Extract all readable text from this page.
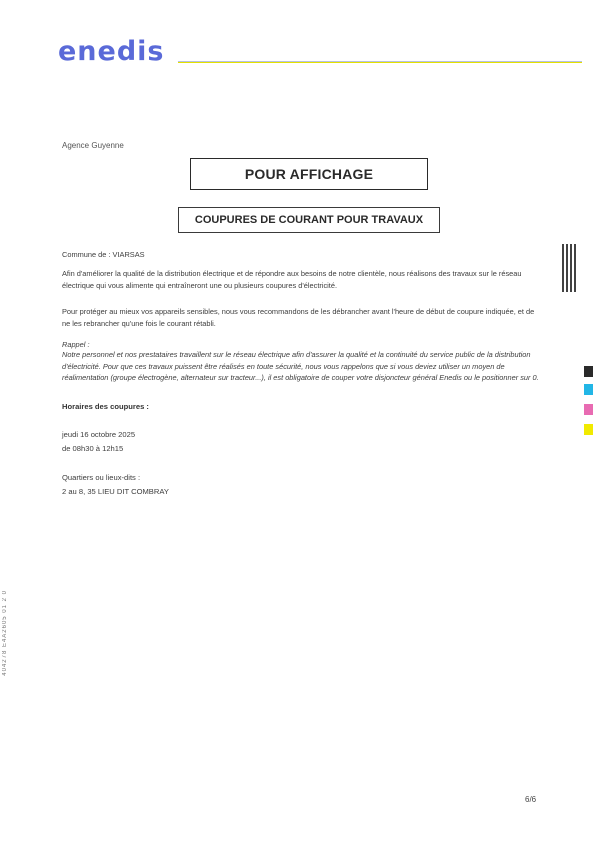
enedis
Agence Guyenne
POUR AFFICHAGE
COUPURES DE COURANT POUR TRAVAUX
Commune de : VIARSAS
Afin d'améliorer la qualité de la distribution électrique et de répondre aux besoins de notre clientèle, nous réalisons des travaux sur le réseau électrique qui vous alimente qui entraîneront une ou plusieurs coupures d'électricité.
Pour protéger au mieux vos appareils sensibles, nous vous recommandons de les débrancher avant l'heure de début de coupure indiquée, et de ne les rebrancher qu'une fois le courant rétabli.
Rappel :
Notre personnel et nos prestataires travaillent sur le réseau électrique afin d'assurer la qualité et la continuité du service public de la distribution d'électricité. Pour que ces travaux puissent être réalisés en toute sécurité, nous vous rappelons que si vous deviez utiliser un moyen de réalimentation (groupe électrogène, alternateur sur tracteur...), il est obligatoire de couper votre disjoncteur général Enedis ou le positionner sur 0.
Horaires des coupures :
jeudi 16 octobre 2025
de 08h30 à 12h15
Quartiers ou lieux-dits :
2 au 8, 35 LIEU DIT COMBRAY
6/6
404278 E4A2605 01 2 0
